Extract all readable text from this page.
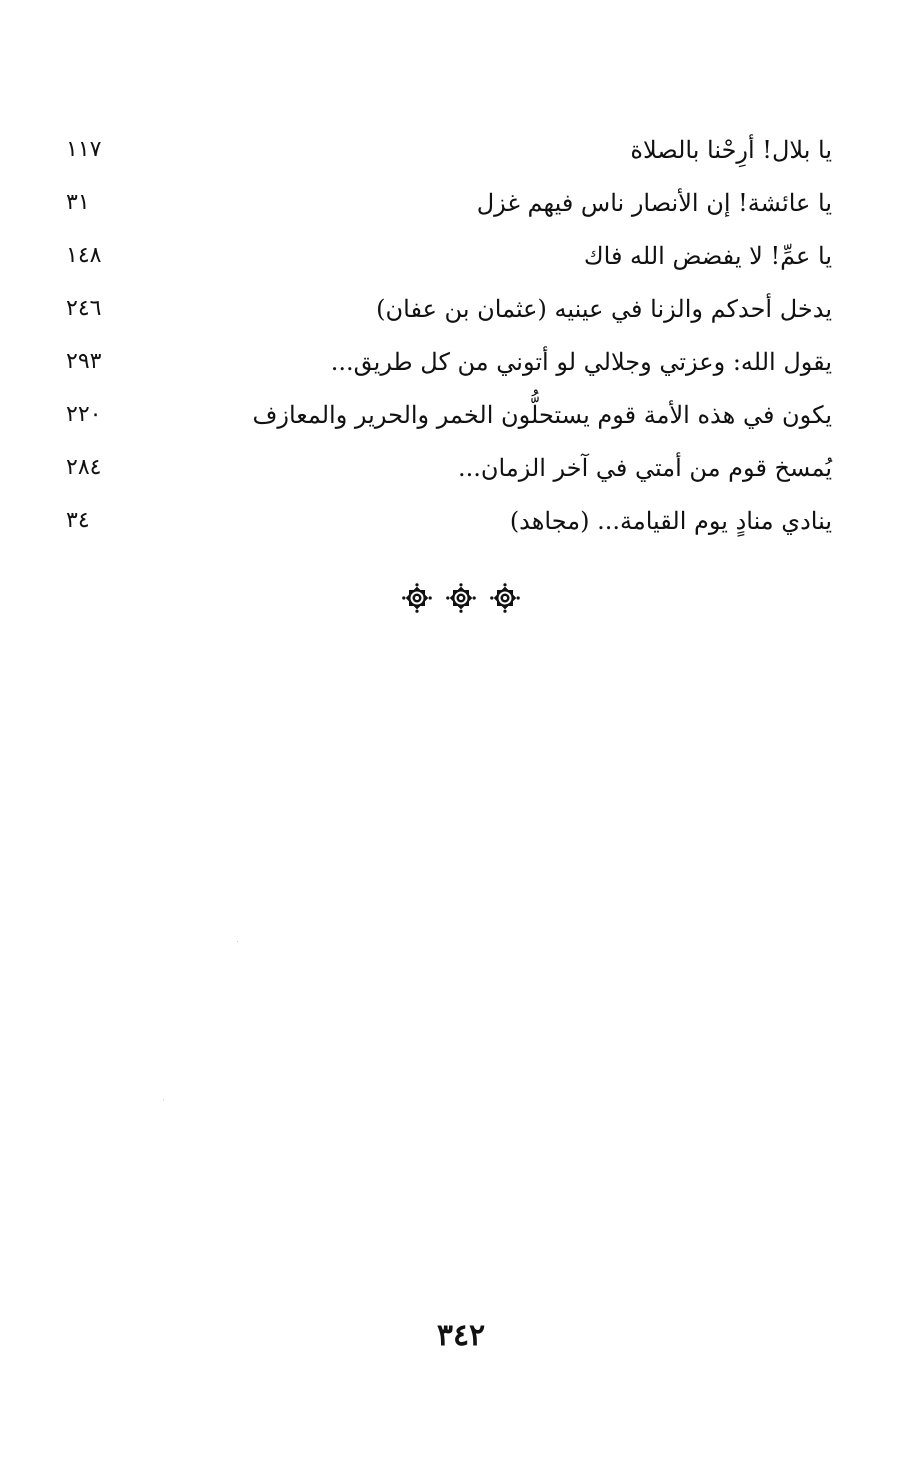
يا بلال! أرِحْنا بالصلاة
١١٧
يا عائشة! إن الأنصار ناس فيهم غزل
٣١
يا عمِّ! لا يفضض الله فاك
١٤٨
يدخل أحدكم والزنا في عينيه (عثمان بن عفان)
٢٤٦
يقول الله: وعزتي وجلالي لو أتوني من كل طريق...
٢٩٣
يكون في هذه الأمة قوم يستحلُّون الخمر والحرير والمعازف
٢٢٠
يُمسخ قوم من أمتي في آخر الزمان...
٢٨٤
ينادي منادٍ يوم القيامة... (مجاهد)
٣٤
٣٤٢
